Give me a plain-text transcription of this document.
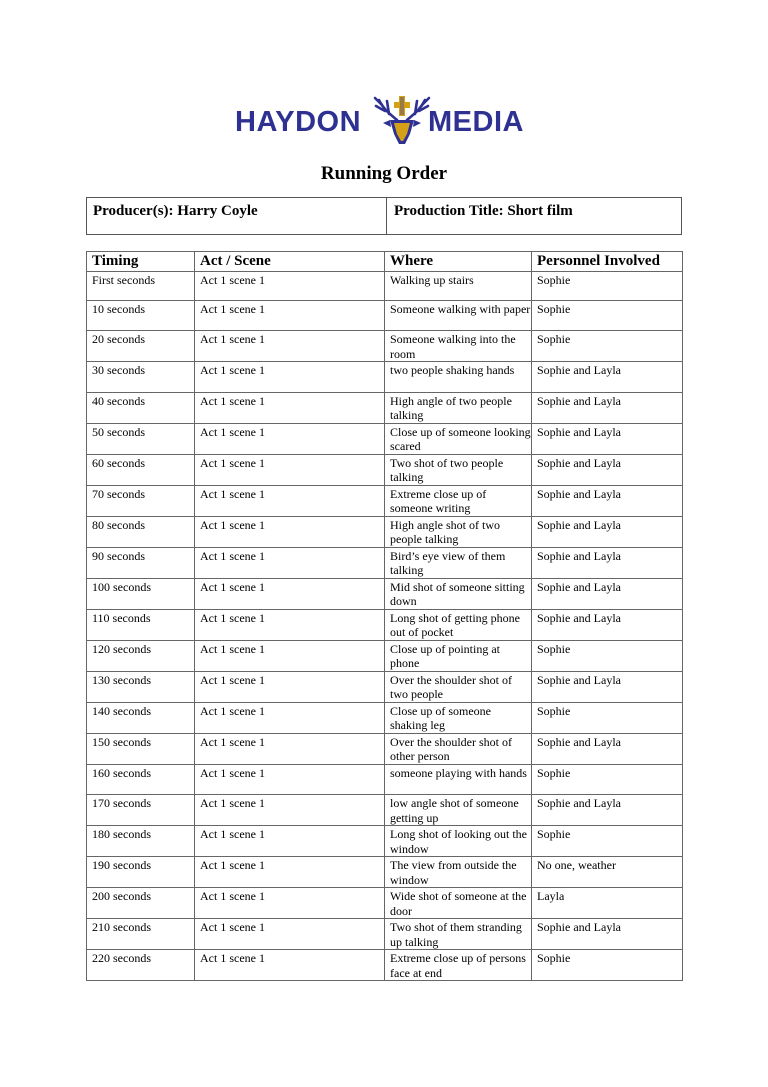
HAYDON MEDIA
Running Order
Producer(s): Harry Coyle	Production Title: Short film
Timing	Act / Scene	Where	Personnel Involved
First seconds	Act 1 scene 1	Walking up stairs	Sophie
10 seconds	Act 1 scene 1	Someone walking with paper	Sophie
20 seconds	Act 1 scene 1	Someone walking into the room	Sophie
30 seconds	Act 1 scene 1	two people shaking hands	Sophie and Layla
40 seconds	Act 1 scene 1	High angle of two people talking	Sophie and Layla
50 seconds	Act 1 scene 1	Close up of someone looking scared	Sophie and Layla
60 seconds	Act 1 scene 1	Two shot of two people talking	Sophie and Layla
70 seconds	Act 1 scene 1	Extreme close up of someone writing	Sophie and Layla
80 seconds	Act 1 scene 1	High angle shot of two people talking	Sophie and Layla
90 seconds	Act 1 scene 1	Bird’s eye view of them talking	Sophie and Layla
100 seconds	Act 1 scene 1	Mid shot of someone sitting down	Sophie and Layla
110 seconds	Act 1 scene 1	Long shot of getting phone out of pocket	Sophie and Layla
120 seconds	Act 1 scene 1	Close up of pointing at phone	Sophie
130 seconds	Act 1 scene 1	Over the shoulder shot of two people	Sophie and Layla
140 seconds	Act 1 scene 1	Close up of someone shaking leg	Sophie
150 seconds	Act 1 scene 1	Over the shoulder shot of other person	Sophie and Layla
160 seconds	Act 1 scene 1	someone playing with hands	Sophie
170 seconds	Act 1 scene 1	low angle shot of someone getting up	Sophie and Layla
180 seconds	Act 1 scene 1	Long shot of looking out the window	Sophie
190 seconds	Act 1 scene 1	The view from outside the window	No one, weather
200 seconds	Act 1 scene 1	Wide shot of someone at the door	Layla
210 seconds	Act 1 scene 1	Two shot of them stranding up talking	Sophie and Layla
220 seconds	Act 1 scene 1	Extreme close up of persons face at end	Sophie
